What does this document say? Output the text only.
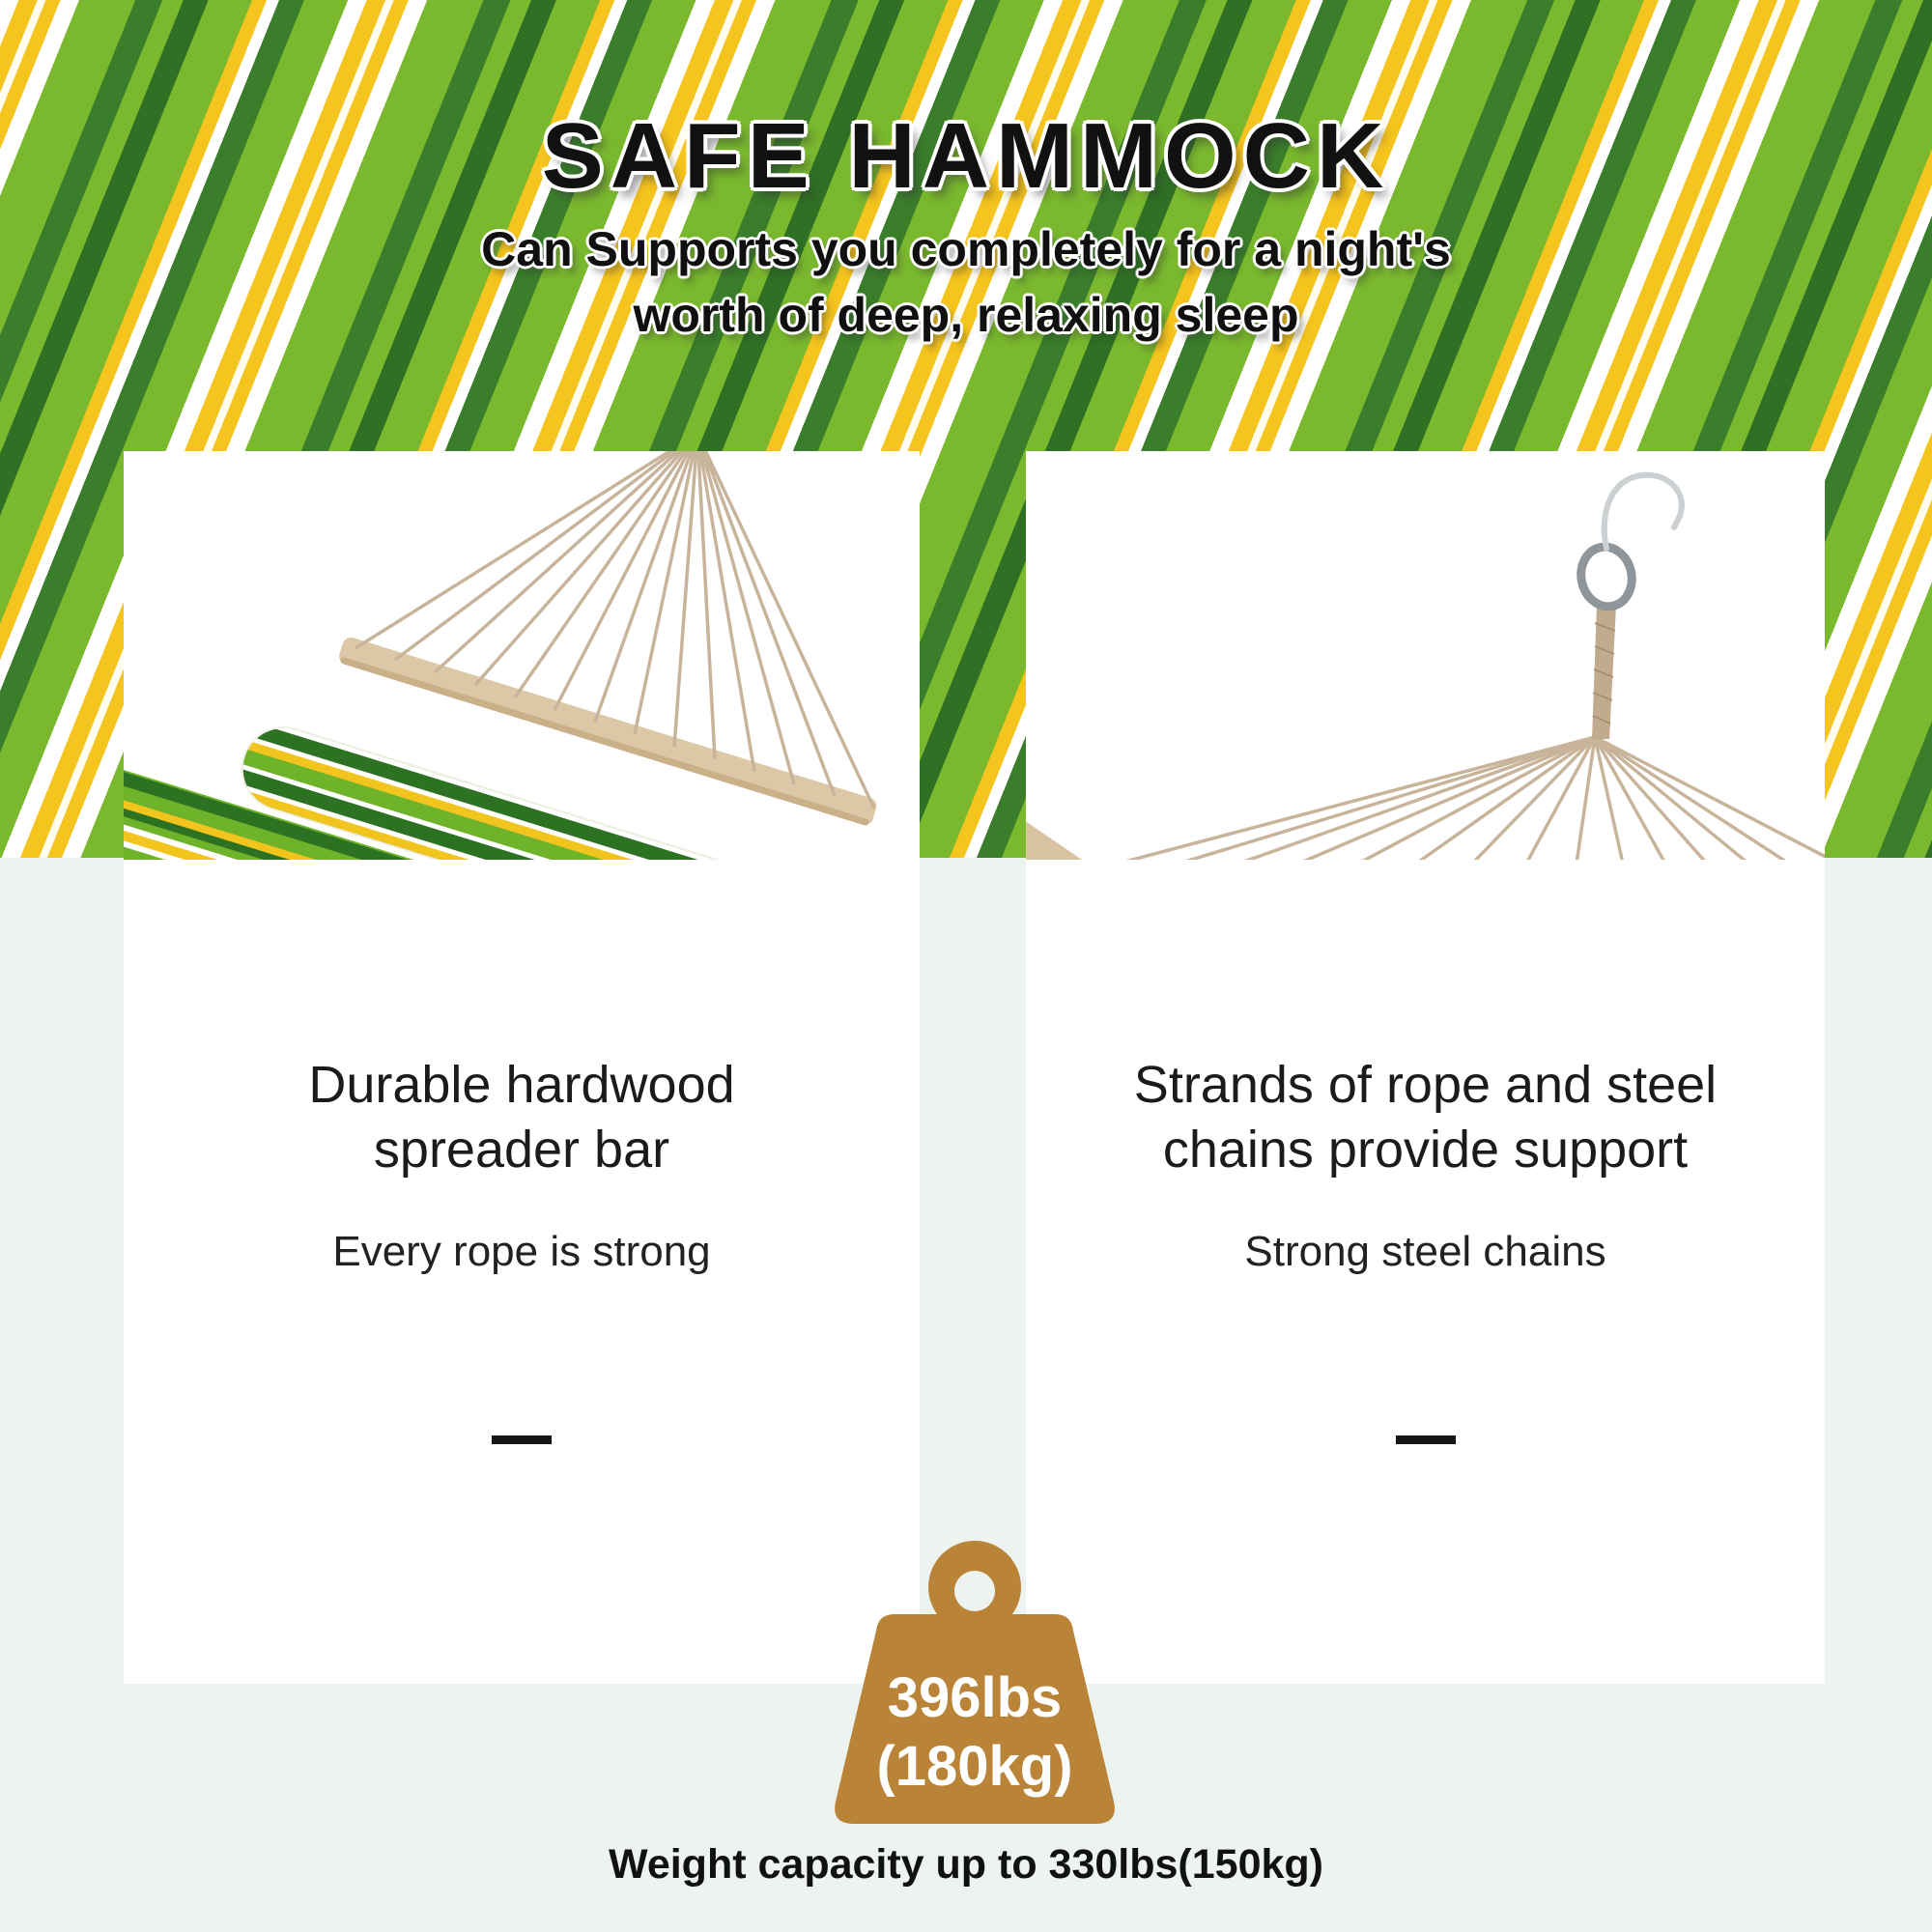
SAFE HAMMOCK
Can Supports you completely for a night's
worth of deep, relaxing sleep
Durable hardwood
spreader bar

Every rope is strong

Strands of rope and steel
chains provide support

Strong steel chains

396lbs
(180kg)
Weight capacity up to 330lbs(150kg)
